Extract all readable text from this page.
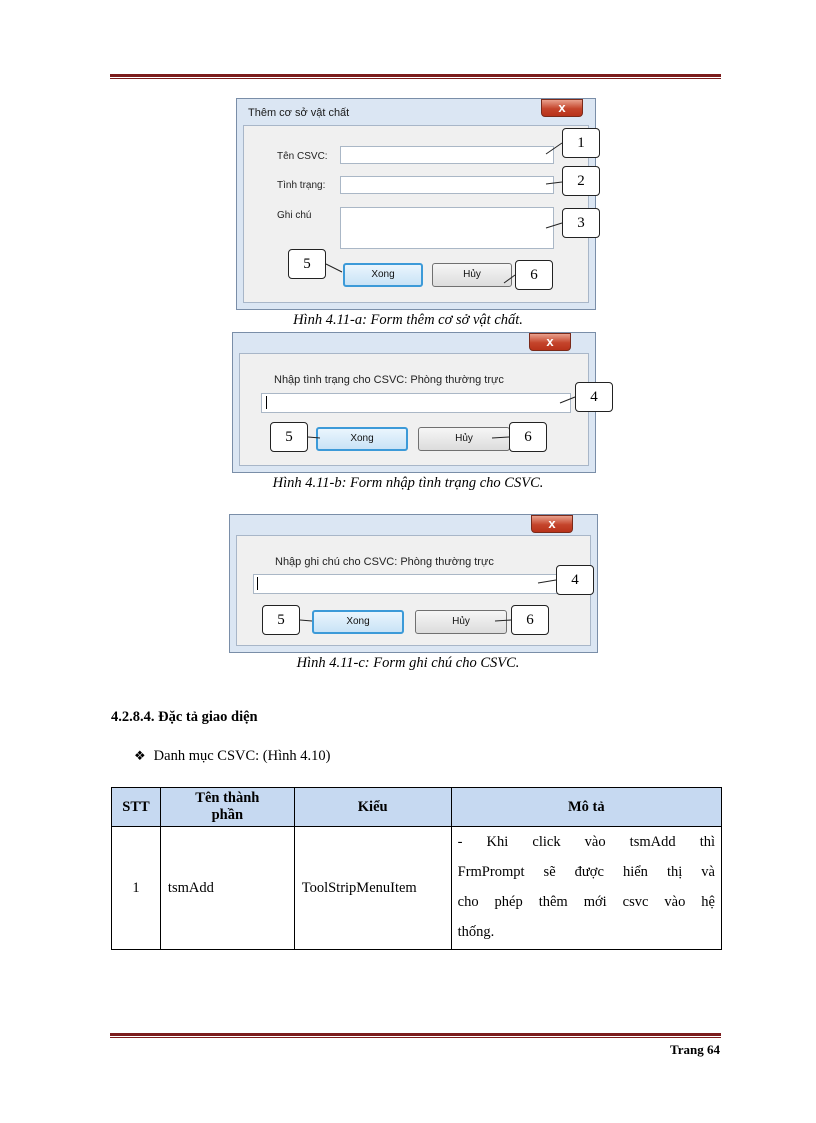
Thêm cơ sở vật chất	x
Tên CSVC:
Tình trạng:
Ghi chú
Xong	Hủy
1
2
3
5
6
Hình 4.11-a: Form thêm cơ sở vật chất.
x
Nhập tình trạng cho CSVC: Phòng thường trực
Xong	Hủy
4
5	6
Hình 4.11-b: Form nhập tình trạng cho CSVC.
x
Nhập ghi chú cho CSVC: Phòng thường trực
Xong	Hủy
4
5	6
Hình 4.11-c: Form ghi chú cho CSVC.
4.2.8.4. Đặc tả giao diện
❖ Danh mục CSVC: (Hình 4.10)
STT	Tên thành phần	Kiểu	Mô tả
1	tsmAdd	ToolStripMenuItem	- Khi click vào tsmAdd thì
FrmPrompt sẽ được hiển thị và
cho phép thêm mới csvc vào hệ
thống.
Trang 64
